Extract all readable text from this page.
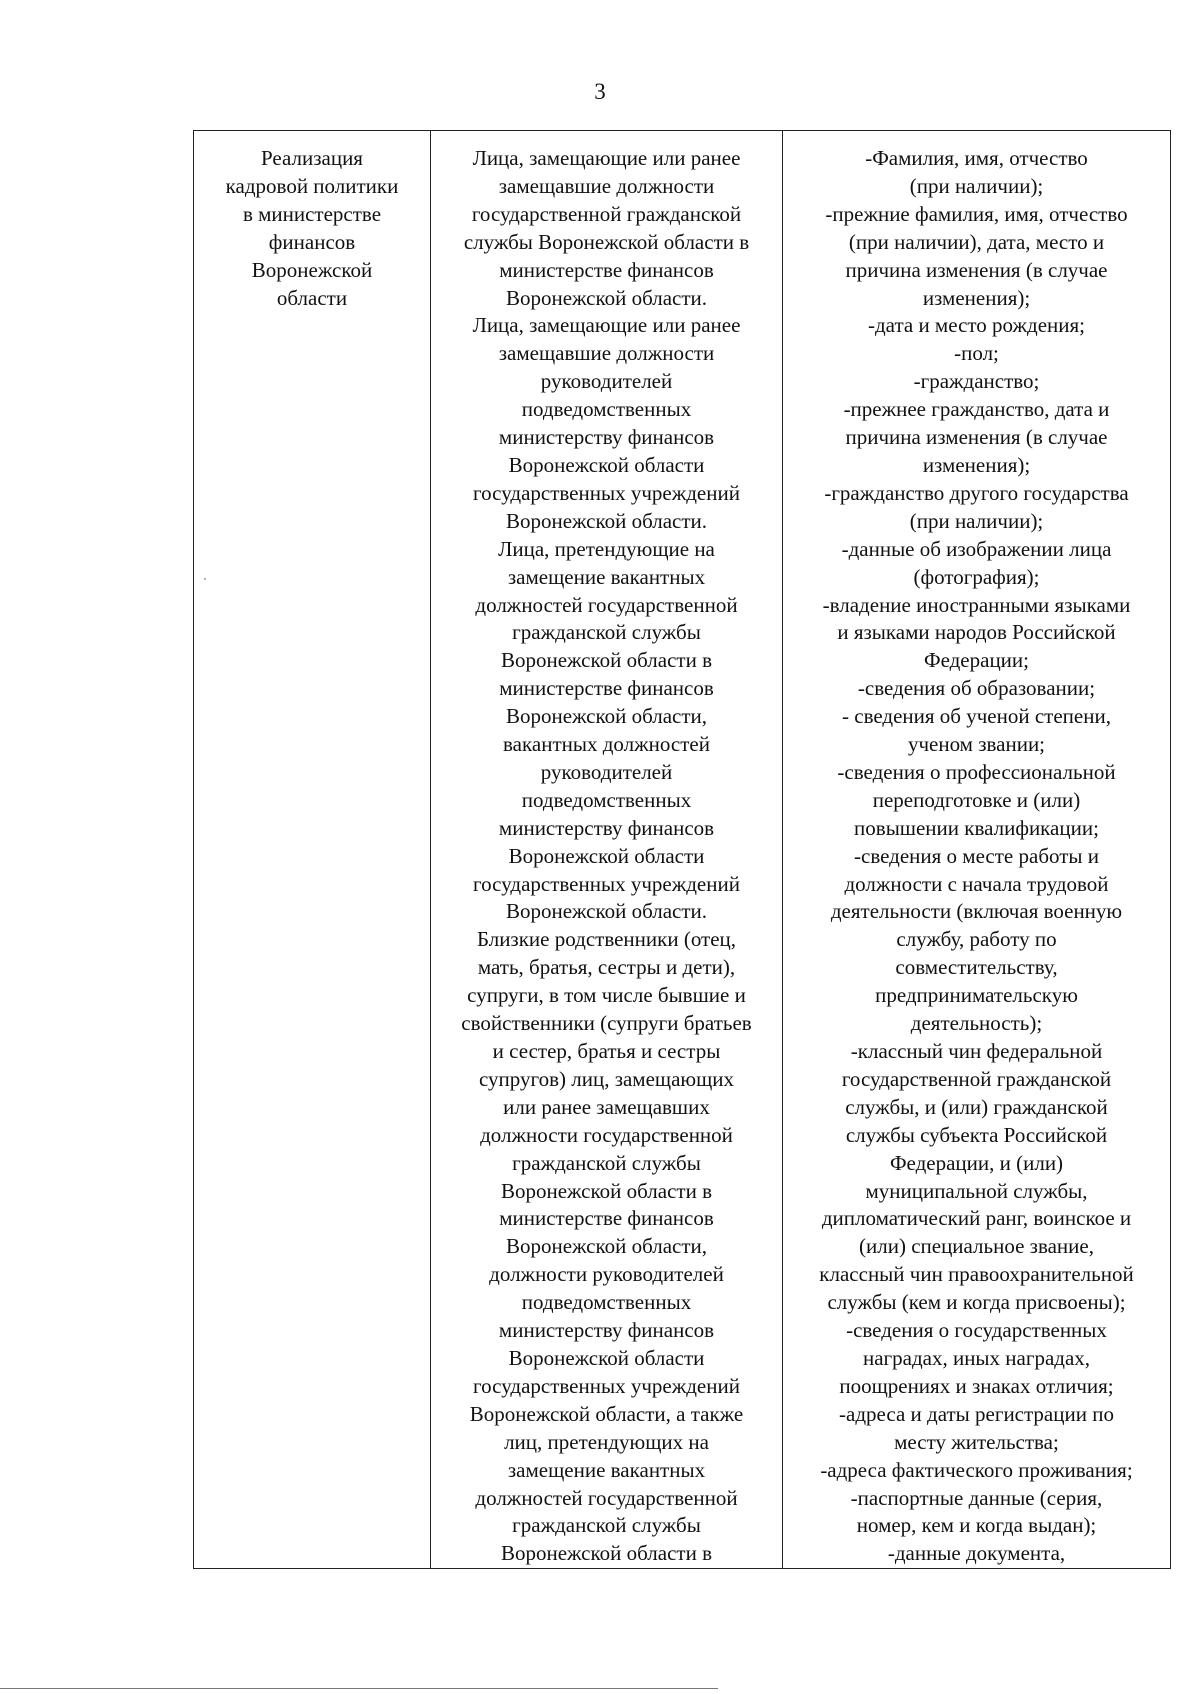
3
Реализация
кадровой политики
в министерстве
финансов
Воронежской
области

Лица, замещающие или ранее
замещавшие должности
государственной гражданской
службы Воронежской области в
министерстве финансов
Воронежской области.
Лица, замещающие или ранее
замещавшие должности
руководителей
подведомственных
министерству финансов
Воронежской области
государственных учреждений
Воронежской области.
Лица, претендующие на
замещение вакантных
должностей государственной
гражданской службы
Воронежской области в
министерстве финансов
Воронежской области,
вакантных должностей
руководителей
подведомственных
министерству финансов
Воронежской области
государственных учреждений
Воронежской области.
Близкие родственники (отец,
мать, братья, сестры и дети),
супруги, в том числе бывшие и
свойственники (супруги братьев
и сестер, братья и сестры
супругов) лиц, замещающих
или ранее замещавших
должности государственной
гражданской службы
Воронежской области в
министерстве финансов
Воронежской области,
должности руководителей
подведомственных
министерству финансов
Воронежской области
государственных учреждений
Воронежской области, а также
лиц, претендующих на
замещение вакантных
должностей государственной
гражданской службы
Воронежской области в

-Фамилия, имя, отчество
(при наличии);
-прежние фамилия, имя, отчество
(при наличии), дата, место и
причина изменения (в случае
изменения);
-дата и место рождения;
-пол;
-гражданство;
-прежнее гражданство, дата и
причина изменения (в случае
изменения);
-гражданство другого государства
(при наличии);
-данные об изображении лица
(фотография);
-владение иностранными языками
и языками народов Российской
Федерации;
-сведения об образовании;
- сведения об ученой степени,
ученом звании;
-сведения о профессиональной
переподготовке и (или)
повышении квалификации;
-сведения о месте работы и
должности с начала трудовой
деятельности (включая военную
службу, работу по
совместительству,
предпринимательскую
деятельность);
-классный чин федеральной
государственной гражданской
службы, и (или) гражданской
службы субъекта Российской
Федерации, и (или)
муниципальной службы,
дипломатический ранг, воинское и
(или) специальное звание,
классный чин правоохранительной
службы (кем и когда присвоены);
-сведения о государственных
наградах, иных наградах,
поощрениях и знаках отличия;
-адреса и даты регистрации по
месту жительства;
-адреса фактического проживания;
-паспортные данные (серия,
номер, кем и когда выдан);
-данные документа,
